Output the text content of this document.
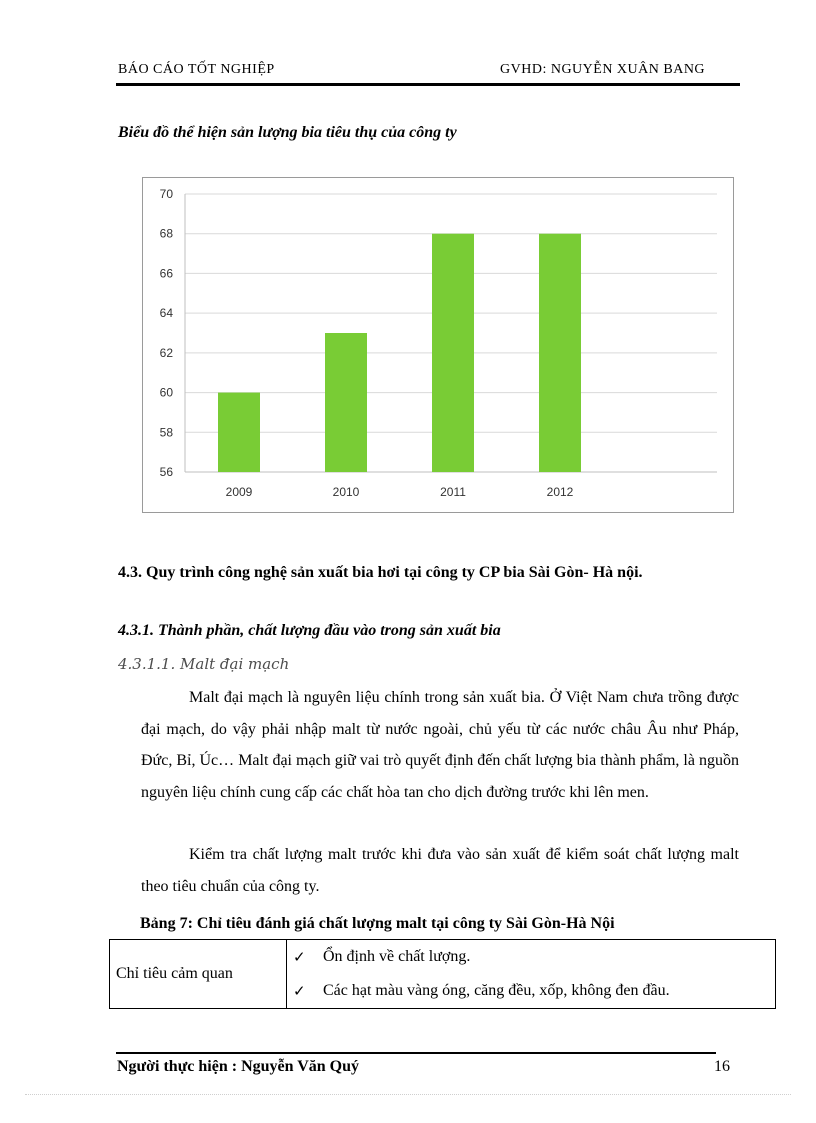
BÁO CÁO TỐT NGHIỆP	GVHD: NGUYỄN XUÂN BANG
Biểu đồ thể hiện sản lượng bia tiêu thụ của công ty
56
58
60
62
64
66
68
70
2009	2010	2011	2012
4.3. Quy trình công nghệ sản xuất bia hơi tại công ty CP bia Sài Gòn- Hà nội.
4.3.1. Thành phần, chất lượng đầu vào trong sản xuất bia
4.3.1.1. Malt đại mạch
Malt đại mạch là nguyên liệu chính trong sản xuất bia. Ở Việt Nam chưa trồng được đại mạch, do vậy phải nhập malt từ nước ngoài, chủ yếu từ các nước châu Âu như Pháp, Đức, Bỉ, Úc… Malt đại mạch giữ vai trò quyết định đến chất lượng bia thành phẩm, là nguồn nguyên liệu chính cung cấp các chất hòa tan cho dịch đường trước khi lên men.
Kiểm tra chất lượng malt trước khi đưa vào sản xuất để kiểm soát chất lượng malt theo tiêu chuẩn của công ty.
Bảng 7: Chỉ tiêu đánh giá chất lượng malt tại công ty Sài Gòn-Hà Nội
Chỉ tiêu cảm quan	
✓	Ổn định về chất lượng.
✓	Các hạt màu vàng óng, căng đều, xốp, không đen đầu.
Người thực hiện : Nguyễn Văn Quý	16
